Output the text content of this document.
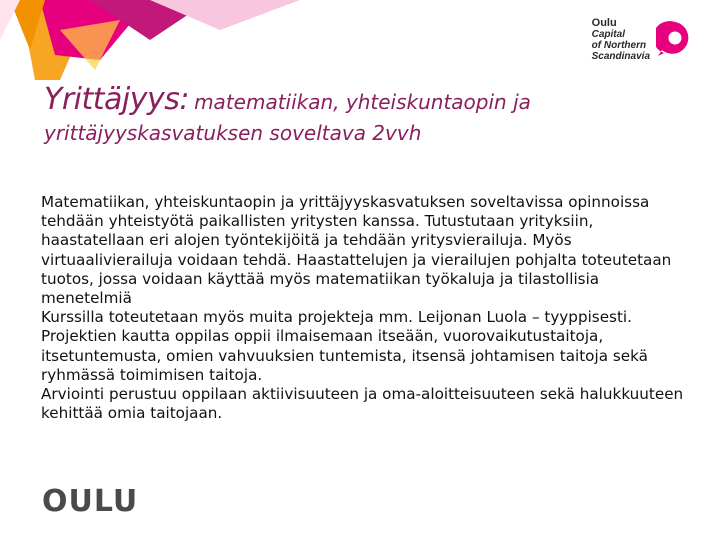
Oulu
Capital
of Northern
Scandinavia
Yrittäjyys: matematiikan, yhteiskuntaopin ja
yrittäjyyskasvatuksen soveltava 2vvh

Matematiikan, yhteiskuntaopin ja yrittäjyyskasvatuksen soveltavissa opinnoissa tehdään yhteistyötä paikallisten yritysten kanssa. Tutustutaan yrityksiin, haastatellaan eri alojen työntekijöitä ja tehdään yritysvierailuja. Myös virtuaalivierailuja voidaan tehdä. Haastattelujen ja vierailujen pohjalta toteutetaan tuotos, jossa voidaan käyttää myös matematiikan työkaluja ja tilastollisia menetelmiä

Kurssilla toteutetaan myös muita projekteja mm. Leijonan Luola – tyyppisesti. Projektien kautta oppilas oppii ilmaisemaan itseään, vuorovaikutustaitoja, itsetuntemusta, omien vahvuuksien tuntemista, itsensä johtamisen taitoja sekä ryhmässä toimimisen taitoja.

Arviointi perustuu oppilaan aktiivisuuteen ja oma-aloitteisuuteen sekä halukkuuteen kehittää omia taitojaan.

OULU
